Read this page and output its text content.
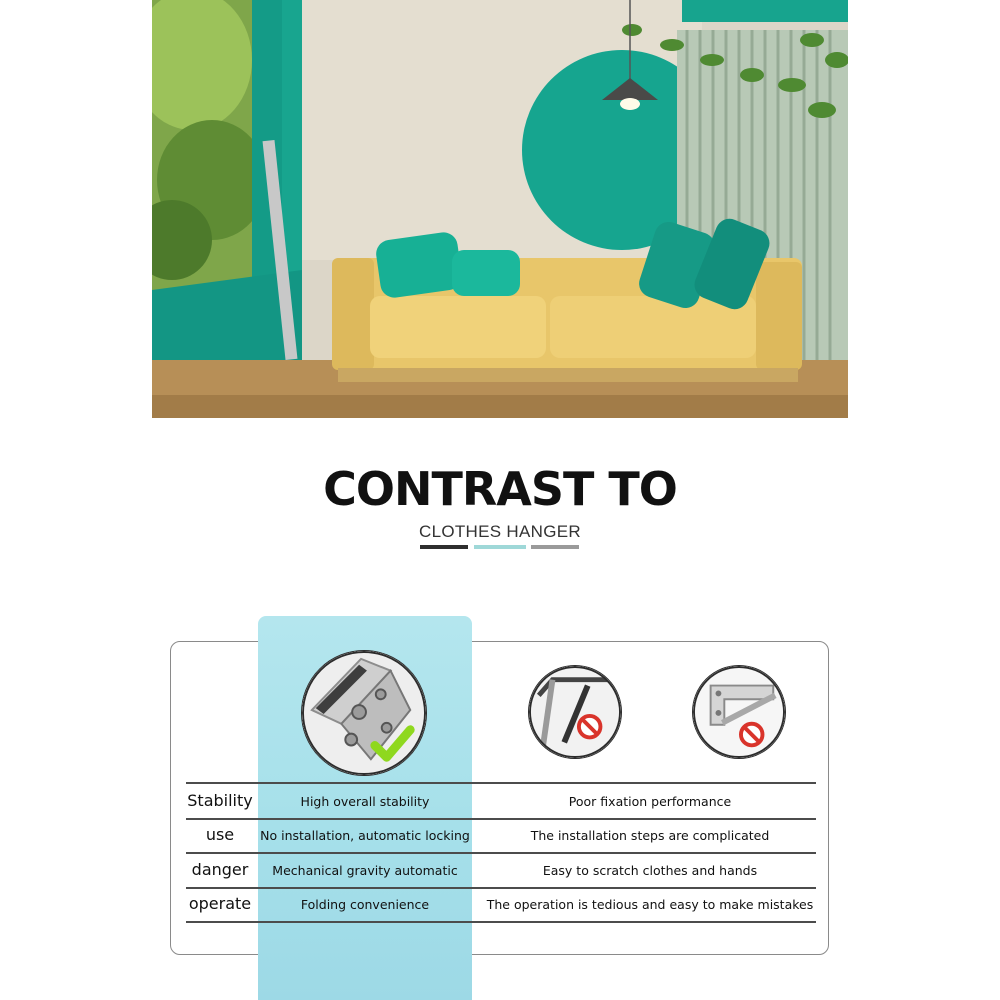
CONTRAST TO
CLOTHES HANGER
Stability	High overall stability	Poor fixation performance
use	No installation, automatic locking	The installation steps are complicated
danger	Mechanical gravity automatic	Easy to scratch clothes and hands
operate	Folding convenience	The operation is tedious and easy to make mistakes
